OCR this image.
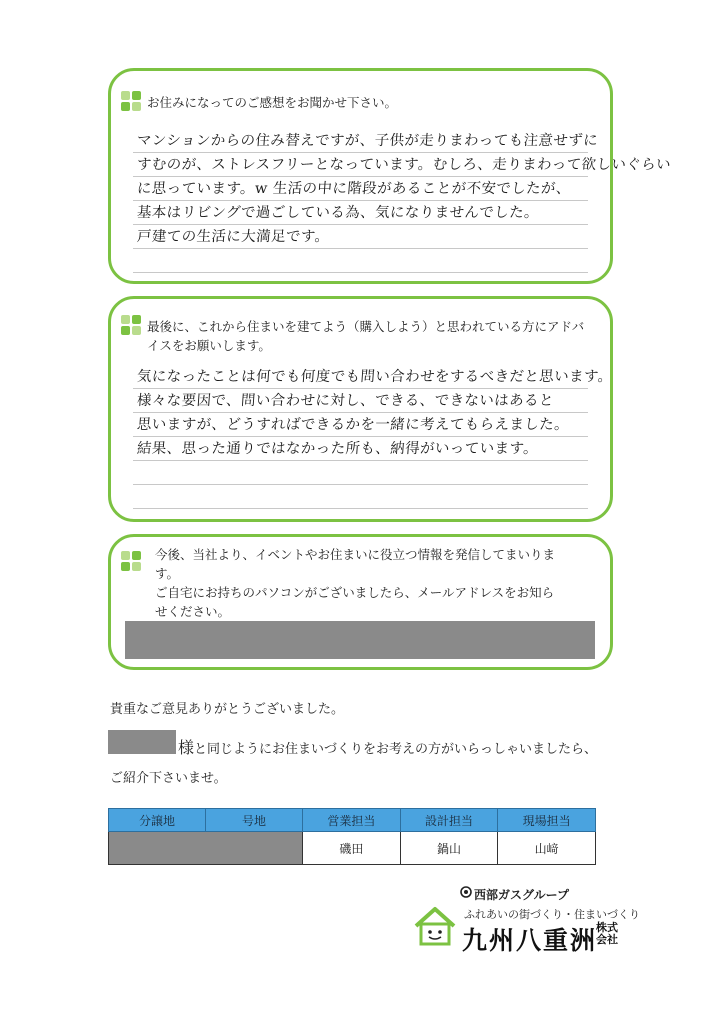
お住みになってのご感想をお聞かせ下さい。
マンションからの住み替えですが、子供が走りまわっても注意せずに
すむのが、ストレスフリーとなっています。むしろ、走りまわって欲しいぐらい
に思っています。w 生活の中に階段があることが不安でしたが、
基本はリビングで過ごしている為、気になりませんでした。
戸建ての生活に大満足です。
最後に、これから住まいを建てよう（購入しよう）と思われている方にアドバイスをお願いします。
気になったことは何でも何度でも問い合わせをするべきだと思います。
様々な要因で、問い合わせに対し、できる、できないはあると
思いますが、どうすればできるかを一緒に考えてもらえました。
結果、思った通りではなかった所も、納得がいっています。
今後、当社より、イベントやお住まいに役立つ情報を発信してまいりま
す。
ご自宅にお持ちのパソコンがございましたら、メールアドレスをお知ら
せください。
貴重なご意見ありがとうございました。
様と同じようにお住まいづくりをお考えの方がいらっしゃいましたら、
ご紹介下さいませ。
分譲地	号地	営業担当	設計担当	現場担当
		磯田	鍋山	山﨑
西部ガスグループ
ふれあいの街づくり・住まいづくり
九州八重洲
株式会社
